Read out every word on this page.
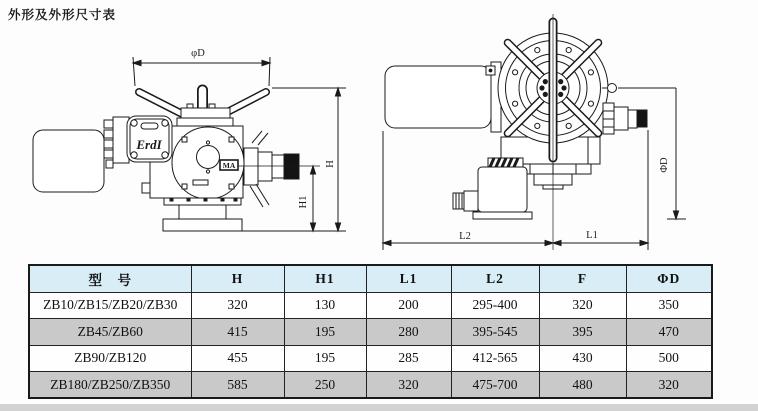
外形及外形尺寸表
ErdI
MA
φD
H
H1
ΦD
L2	L1
型　号	H	H1	L1	L2	F	ΦD
ZB10/ZB15/ZB20/ZB30	320	130	200	295-400	320	350
ZB45/ZB60	415	195	280	395-545	395	470
ZB90/ZB120	455	195	285	412-565	430	500
ZB180/ZB250/ZB350	585	250	320	475-700	480	320
